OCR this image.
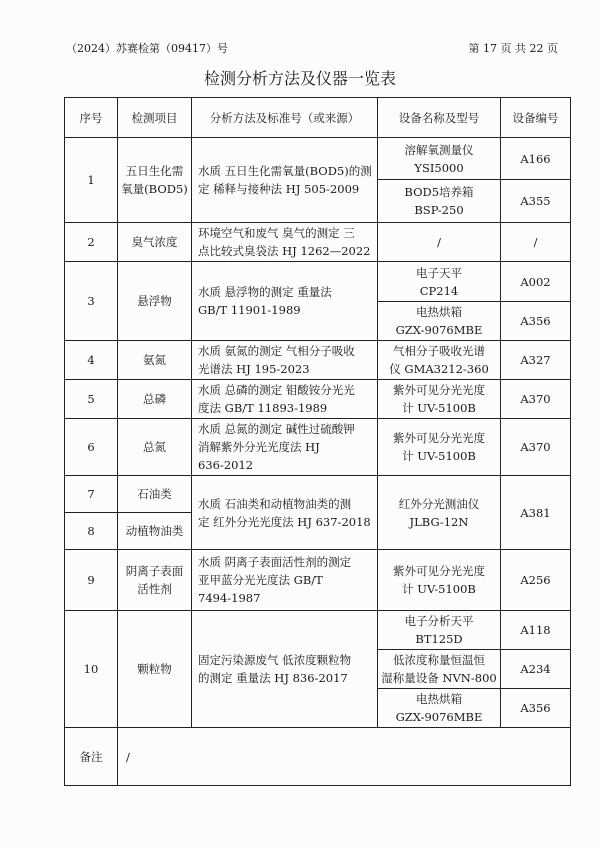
（2024）苏赛检第（09417）号	第 17 页 共 22 页
检测分析方法及仪器一览表
序号	检测项目	分析方法及标准号（或来源）	设备名称及型号	设备编号
1	五日生化需
氧量(BOD5)	水质 五日生化需氧量(BOD5)的测
定 稀释与接种法 HJ 505-2009	溶解氧测量仪
YSI5000	A166

			BOD5培养箱
BSP-250	A355
2	臭气浓度	环境空气和废气 臭气的测定 三
点比较式臭袋法 HJ 1262—2022	/	/
3	悬浮物	水质 悬浮物的测定 重量法
GB/T 11901-1989	电子天平
CP214	A002

			电热烘箱
GZX-9076MBE	A356
4	氨氮	水质 氨氮的测定 气相分子吸收
光谱法 HJ 195-2023	气相分子吸收光谱
仪 GMA3212-360	A327
5	总磷	水质 总磷的测定 钼酸铵分光光
度法 GB/T 11893-1989	紫外可见分光光度
计 UV-5100B	A370
6	总氮	水质 总氮的测定 碱性过硫酸钾
消解紫外分光光度法 HJ
636-2012	紫外可见分光光度
计 UV-5100B	A370
7	石油类	水质 石油类和动植物油类的测
定 红外分光光度法 HJ 637-2018	红外分光测油仪
JLBG-12N	A381
8	动植物油类			

9	阴离子表面
活性剂	水质 阴离子表面活性剂的测定
亚甲蓝分光光度法 GB/T
7494-1987	紫外可见分光光度
计 UV-5100B	A256
10	颗粒物	固定污染源废气 低浓度颗粒物
的测定 重量法 HJ 836-2017	电子分析天平
BT125D	A118

			低浓度称量恒温恒
湿称量设备 NVN-800	A234

			电热烘箱
GZX-9076MBE	A356
备注	/			
